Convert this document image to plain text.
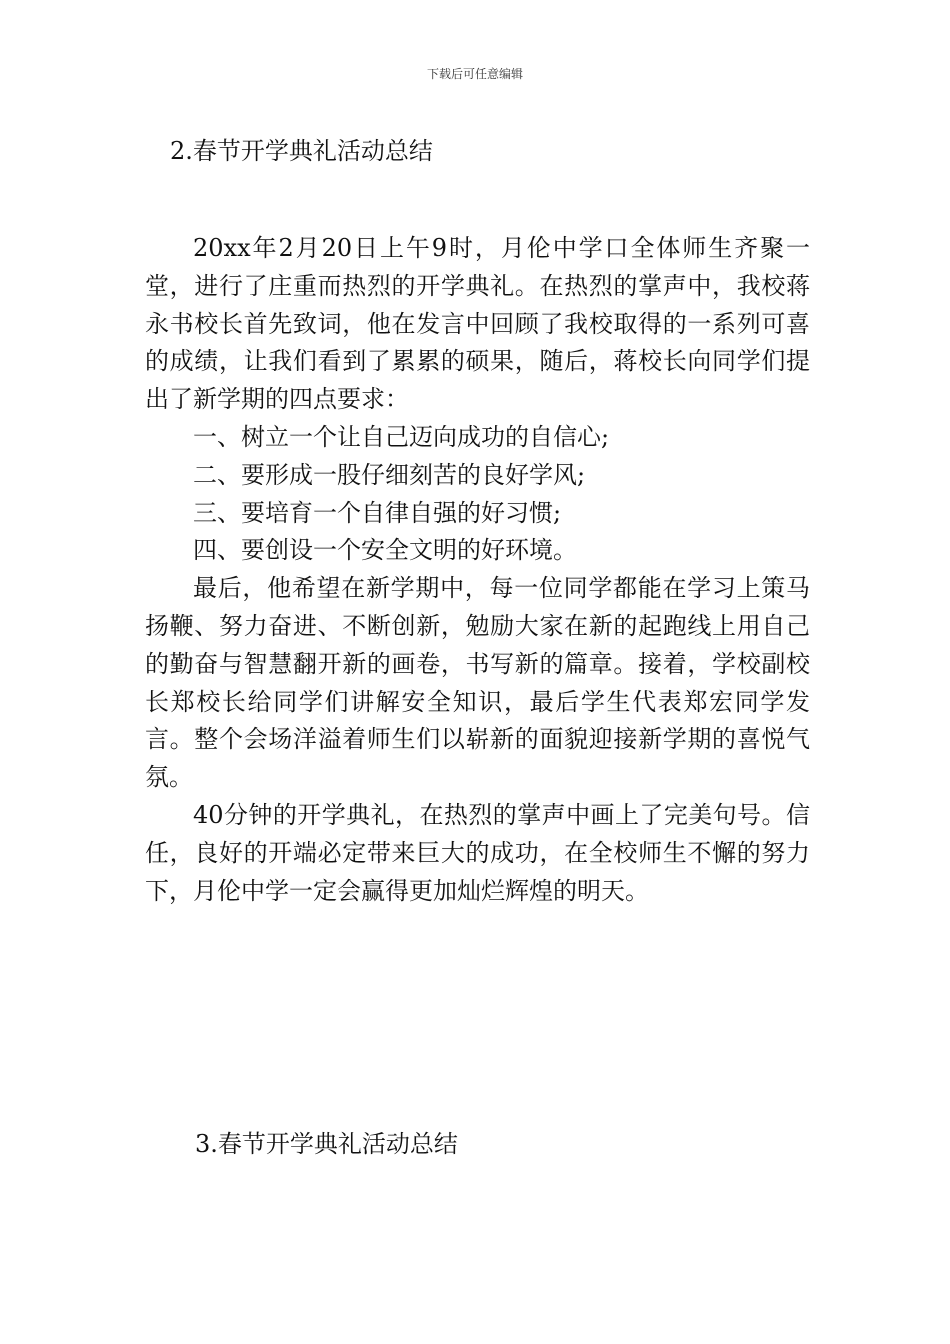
下载后可任意编辑
2.春节开学典礼活动总结

20xx年2月20日上午9时，月伦中学口全体师生齐聚一堂，进行了庄重而热烈的开学典礼。在热烈的掌声中，我校蒋永书校长首先致词，他在发言中回顾了我校取得的一系列可喜的成绩，让我们看到了累累的硕果，随后，蒋校长向同学们提出了新学期的四点要求：

一、树立一个让自己迈向成功的自信心;

二、要形成一股仔细刻苦的良好学风;

三、要培育一个自律自强的好习惯;

四、要创设一个安全文明的好环境。

最后，他希望在新学期中，每一位同学都能在学习上策马扬鞭、努力奋进、不断创新，勉励大家在新的起跑线上用自己的勤奋与智慧翻开新的画卷，书写新的篇章。接着，学校副校长郑校长给同学们讲解安全知识，最后学生代表郑宏同学发言。整个会场洋溢着师生们以崭新的面貌迎接新学期的喜悦气氛。

40分钟的开学典礼，在热烈的掌声中画上了完美句号。信任，良好的开端必定带来巨大的成功，在全校师生不懈的努力下，月伦中学一定会赢得更加灿烂辉煌的明天。

3.春节开学典礼活动总结
